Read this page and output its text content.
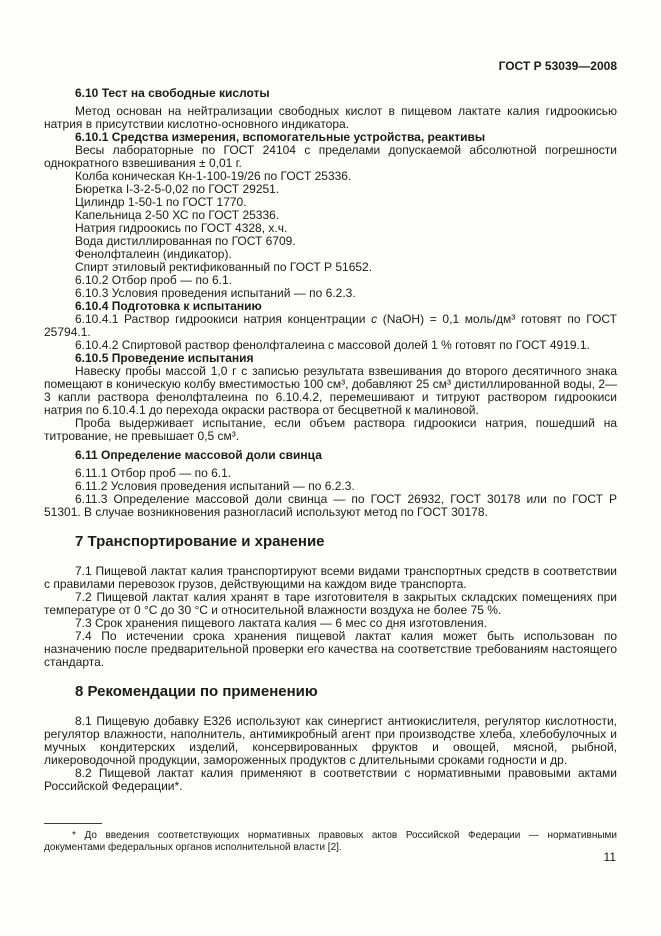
ГОСТ Р 53039—2008

6.10 Тест на свободные кислоты

Метод основан на нейтрализации свободных кислот в пищевом лактате калия гидроокисью натрия в присутствии кислотно-основного индикатора.

6.10.1 Средства измерения, вспомогательные устройства, реактивы

Весы лабораторные по ГОСТ 24104 с пределами допускаемой абсолютной погрешности однократного взвешивания ± 0,01 г.

Колба коническая Кн-1-100-19/26 по ГОСТ 25336.

Бюретка I-3-2-5-0,02 по ГОСТ 29251.

Цилиндр 1-50-1 по ГОСТ 1770.

Капельница 2-50 ХС по ГОСТ 25336.

Натрия гидроокись по ГОСТ 4328, х.ч.

Вода дистиллированная по ГОСТ 6709.

Фенолфталеин (индикатор).

Спирт этиловый ректификованный по ГОСТ Р 51652.

6.10.2 Отбор проб — по 6.1.

6.10.3 Условия проведения испытаний — по 6.2.3.

6.10.4 Подготовка к испытанию

6.10.4.1 Раствор гидроокиси натрия концентрации с (NaOH) = 0,1 моль/дм³ готовят по ГОСТ 25794.1.

6.10.4.2 Спиртовой раствор фенолфталеина с массовой долей 1 % готовят по ГОСТ 4919.1.

6.10.5 Проведение испытания

Навеску пробы массой 1,0 г с записью результата взвешивания до второго десятичного знака помещают в коническую колбу вместимостью 100 см³, добавляют 25 см³ дистиллированной воды, 2—3 капли раствора фенолфталеина по 6.10.4.2, перемешивают и титруют раствором гидроокиси натрия по 6.10.4.1 до перехода окраски раствора от бесцветной к малиновой.

Проба выдерживает испытание, если объем раствора гидроокиси натрия, пошедший на титрование, не превышает 0,5 см³.

6.11 Определение массовой доли свинца

6.11.1 Отбор проб — по 6.1.

6.11.2 Условия проведения испытаний — по 6.2.3.

6.11.3 Определение массовой доли свинца — по ГОСТ 26932, ГОСТ 30178 или по ГОСТ Р 51301. В случае возникновения разногласий используют метод по ГОСТ 30178.

7 Транспортирование и хранение

7.1 Пищевой лактат калия транспортируют всеми видами транспортных средств в соответствии с правилами перевозок грузов, действующими на каждом виде транспорта.

7.2 Пищевой лактат калия хранят в таре изготовителя в закрытых складских помещениях при температуре от 0 °С до 30 °С и относительной влажности воздуха не более 75 %.

7.3 Срок хранения пищевого лактата калия — 6 мес со дня изготовления.

7.4 По истечении срока хранения пищевой лактат калия может быть использован по назначению после предварительной проверки его качества на соответствие требованиям настоящего стандарта.

8 Рекомендации по применению

8.1 Пищевую добавку Е326 используют как синергист антиокислителя, регулятор кислотности, регулятор влажности, наполнитель, антимикробный агент при производстве хлеба, хлебобулочных и мучных кондитерских изделий, консервированных фруктов и овощей, мясной, рыбной, ликероводочной продукции, замороженных продуктов с длительными сроками годности и др.

8.2 Пищевой лактат калия применяют в соответствии с нормативными правовыми актами Российской Федерации*.

* До введения соответствующих нормативных правовых актов Российской Федерации — нормативными документами федеральных органов исполнительной власти [2].

11
